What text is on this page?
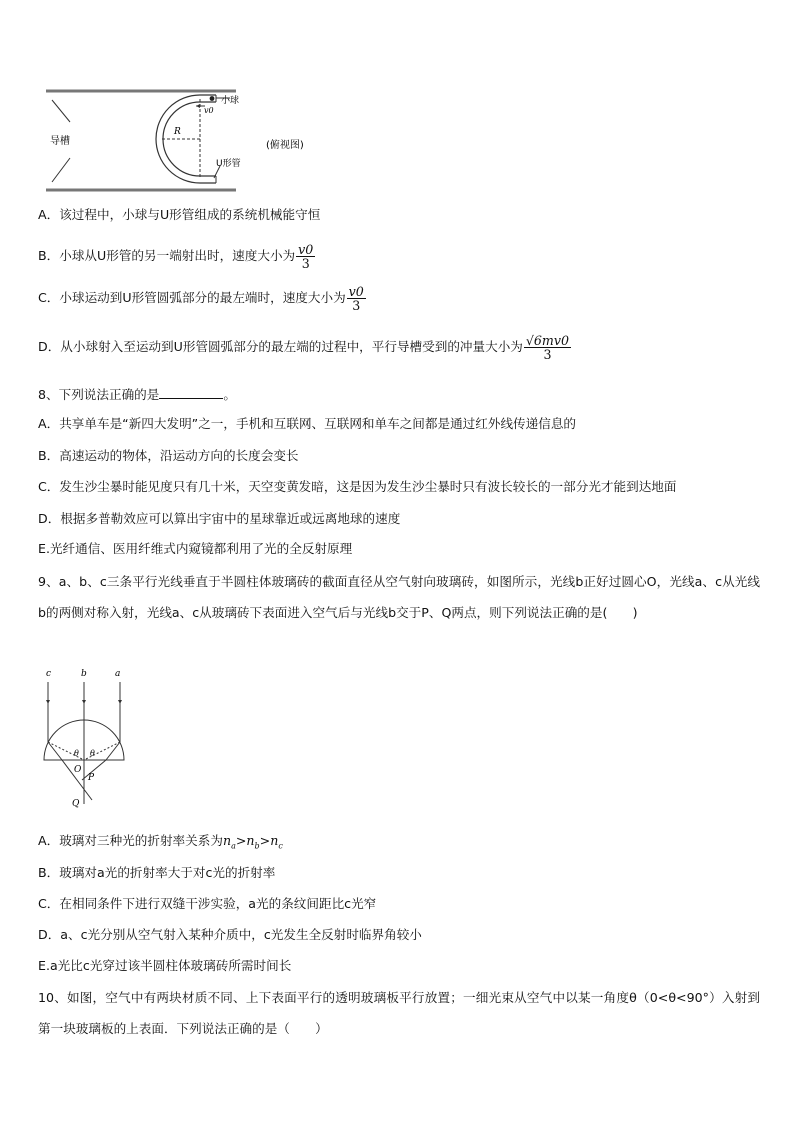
导槽
R
小球
v0
U形管
(俯视图)
A．该过程中，小球与U形管组成的系统机械能守恒
B．小球从U形管的另一端射出时，速度大小为 $\frac{v0}{3}$
C．小球运动到U形管圆弧部分的最左端时，速度大小为 $\frac{v0}{3}$
D．从小球射入至运动到U形管圆弧部分的最左端的过程中，平行导槽受到的冲量大小为 $\frac{√6mv0}{3}$
8、下列说法正确的是	。
A．共享单车是“新四大发明”之一，手机和互联网、互联网和单车之间都是通过红外线传递信息的
B．高速运动的物体，沿运动方向的长度会变长
C．发生沙尘暴时能见度只有几十米，天空变黄发暗，这是因为发生沙尘暴时只有波长较长的一部分光才能到达地面
D．根据多普勒效应可以算出宇宙中的星球靠近或远离地球的速度
E.光纤通信、医用纤维式内窥镜都利用了光的全反射原理
9、a、b、c三条平行光线垂直于半圆柱体玻璃砖的截面直径从空气射向玻璃砖，如图所示，光线b正好过圆心O，光线a、c从光线b的两侧对称入射，光线a、c从玻璃砖下表面进入空气后与光线b交于P、Q两点，则下列说法正确的是(　　)
c	b	a
θ θ
O
P
Q
A．玻璃对三种光的折射率关系为$n_a>n_b>n_c$
B．玻璃对a光的折射率大于对c光的折射率
C．在相同条件下进行双缝干涉实验，a光的条纹间距比c光窄
D．a、c光分别从空气射入某种介质中，c光发生全反射时临界角较小
E.a光比c光穿过该半圆柱体玻璃砖所需时间长
10、如图，空气中有两块材质不同、上下表面平行的透明玻璃板平行放置；一细光束从空气中以某一角度θ（0<θ<90°）入射到第一块玻璃板的上表面．下列说法正确的是（　　）
